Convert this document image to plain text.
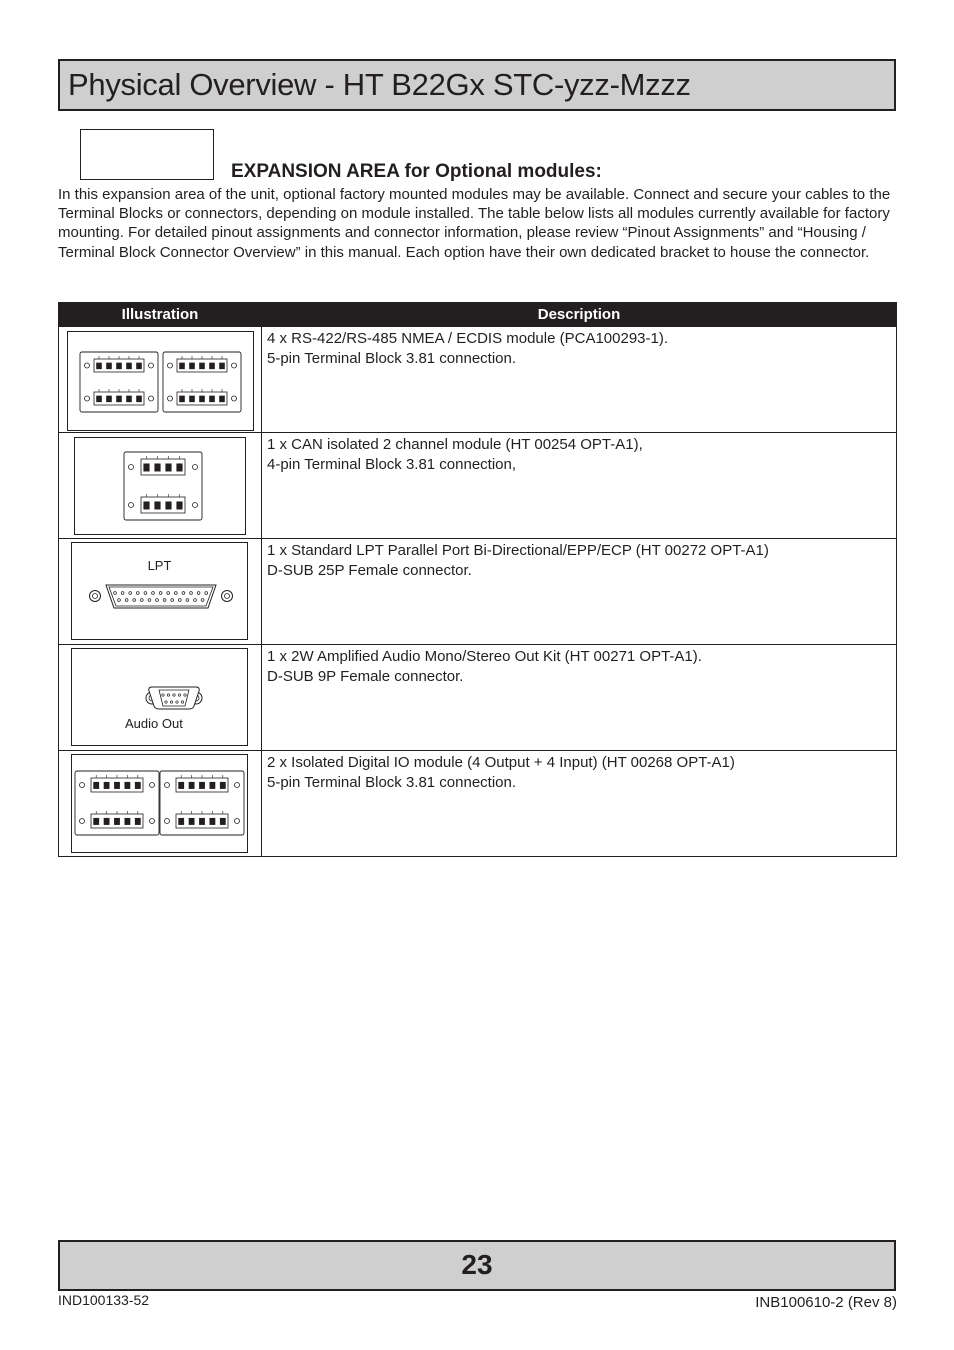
Physical Overview - HT B22Gx STC-yzz-Mzzz
EXPANSION AREA for Optional modules:

In this expansion area of the unit, optional factory mounted modules may be available. Connect and secure your cables to the Terminal Blocks or connectors, depending on module installed. The table below lists all modules currently available for factory mounting. For detailed pinout assignments and connector information, please review “Pinout Assignments” and “Housing / Terminal Block Connector Overview” in this manual. Each option have their own dedicated bracket to house the connector.

Illustration	Description

4 x RS-422/RS-485 NMEA / ECDIS module (PCA100293-1).
5-pin Terminal Block 3.81 connection.

1 x CAN isolated 2 channel module (HT 00254 OPT-A1),
4-pin Terminal Block 3.81 connection,

LPT	1 x Standard LPT Parallel Port Bi-Directional/EPP/ECP (HT 00272 OPT-A1)
D-SUB 25P Female connector.

Audio Out	1 x 2W Amplified Audio Mono/Stereo Out Kit (HT 00271 OPT-A1).
D-SUB 9P Female connector.

2 x Isolated Digital IO module (4 Output + 4 Input) (HT 00268 OPT-A1)
5-pin Terminal Block 3.81 connection.
23
IND100133-52	INB100610-2 (Rev 8)
